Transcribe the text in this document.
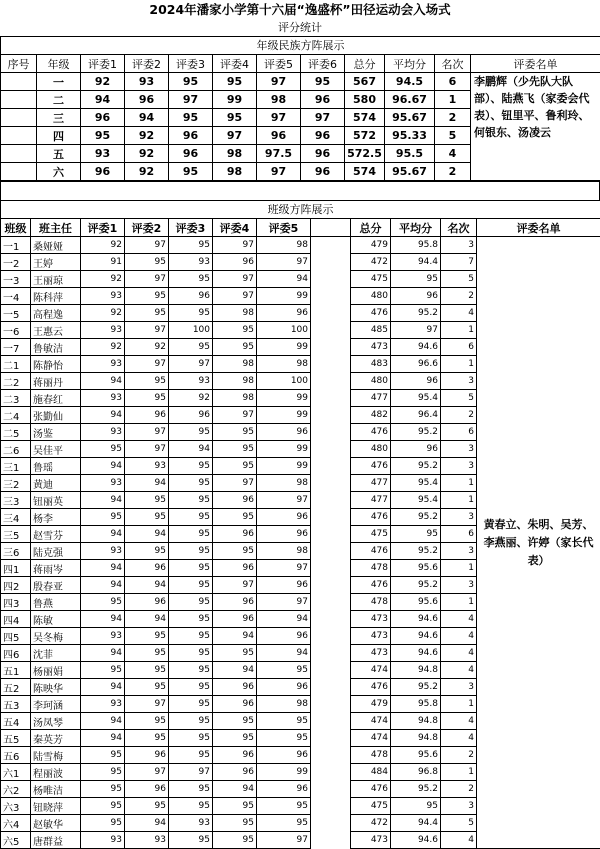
2024年潘家小学第十六届“逸盛杯”田径运动会入场式
评分统计
年级民族方阵展示											
序号	年级	评委1	评委2	评委3	评委4	评委5	评委6	总分	平均分	名次	评委名单
	一	92	93	95	95	97	95	567	94.5	6	李鹏辉（少先队大队部）、陆燕飞（家委会代表）、钮里平、鲁利玲、何银东、汤凌云
	二	94	96	97	99	98	96	580	96.67	1	
	三	96	94	95	95	97	97	574	95.67	2	
	四	95	92	96	97	96	96	572	95.33	5	
	五	93	92	96	98	97.5	96	572.5	95.5	4	
	六	96	92	95	98	97	96	574	95.67	2	
班级方阵展示											
班级	班主任	评委1	评委2	评委3	评委4	评委5		总分	平均分	名次	评委名单
一1	桑娅娅	92	97	95	97	98		479	95.8	3	黄春立、朱明、吴芳、李燕丽、许婷（家长代表）
一2	王婷	91	95	93	96	97		472	94.4	7	
一3	王丽琼	92	97	95	97	94		475	95	5	
一4	陈科萍	93	95	96	97	99		480	96	2	
一5	高程逸	92	95	95	98	96		476	95.2	4	
一6	王惠云	93	97	100	95	100		485	97	1	
一7	鲁敏洁	92	92	95	95	99		473	94.6	6	
二1	陈静怡	93	97	97	98	98		483	96.6	1	
二2	蒋丽丹	94	95	93	98	100		480	96	3	
二3	施春红	93	95	92	98	99		477	95.4	5	
二4	张勤仙	94	96	96	97	99		482	96.4	2	
二5	汤鉴	93	97	95	95	96		476	95.2	6	
二6	吴佳平	95	97	94	95	99		480	96	3	
三1	鲁瑶	94	93	95	95	99		476	95.2	3	
三2	黄迪	93	94	95	97	98		477	95.4	1	
三3	钮丽英	94	95	95	96	97		477	95.4	1	
三4	杨李	95	95	95	95	96		476	95.2	3	
三5	赵雪芬	94	94	95	96	96		475	95	6	
三6	陆克强	93	95	95	95	98		476	95.2	3	
四1	蒋雨岑	94	96	95	96	97		478	95.6	1	
四2	殷春亚	94	94	95	97	96		476	95.2	3	
四3	鲁燕	95	96	95	96	97		478	95.6	1	
四4	陈敏	94	94	95	96	94		473	94.6	4	
四5	吴冬梅	93	95	95	94	96		473	94.6	4	
四6	沈菲	94	95	95	95	94		473	94.6	4	
五1	杨丽娟	95	95	95	94	95		474	94.8	4	
五2	陈映华	94	95	95	96	96		476	95.2	3	
五3	李珂涵	93	97	95	96	98		479	95.8	1	
五4	汤凤琴	94	95	95	95	95		474	94.8	4	
五5	秦英芳	94	95	95	95	95		474	94.8	4	
五6	陆雪梅	95	96	95	96	96		478	95.6	2	
六1	程丽波	95	97	97	96	99		484	96.8	1	
六2	杨唯洁	95	96	95	94	96		476	95.2	2	
六3	钮晓萍	95	95	95	95	95		475	95	3	
六4	赵敏华	95	94	93	95	95		472	94.4	5	
六5	唐群益	93	93	95	95	97		473	94.6	4	
